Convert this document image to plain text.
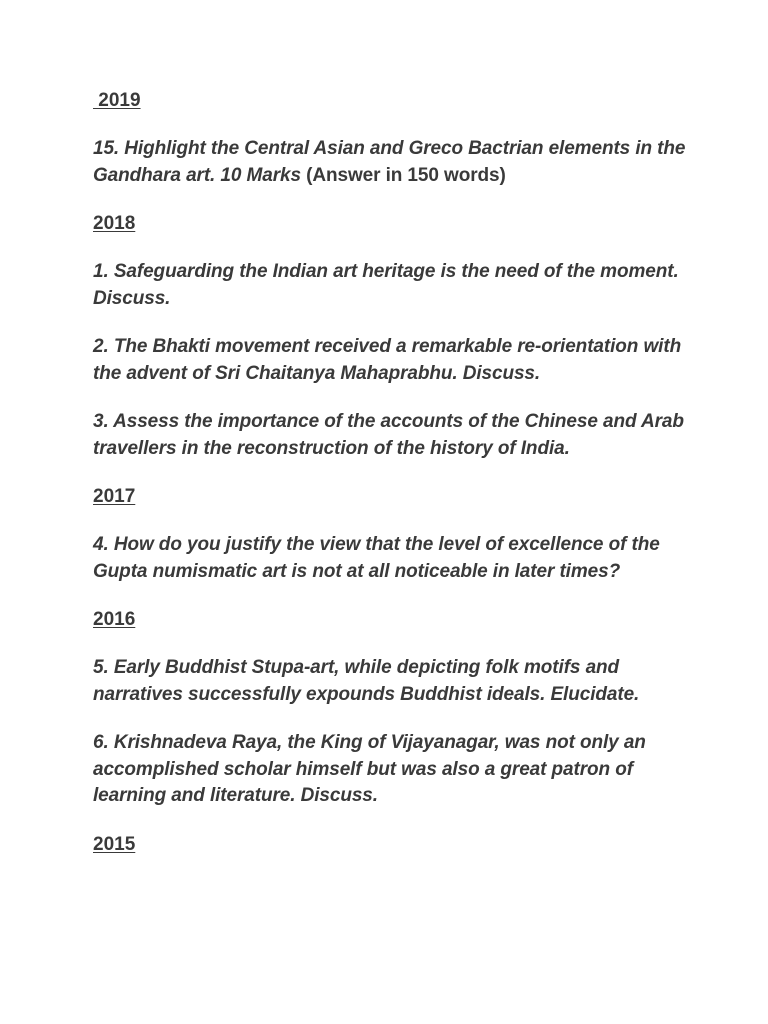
2019

15. Highlight the Central Asian and Greco Bactrian elements in the Gandhara art. 10 Marks (Answer in 150 words)

2018

1. Safeguarding the Indian art heritage is the need of the moment. Discuss.

2. The Bhakti movement received a remarkable re-orientation with the advent of Sri Chaitanya Mahaprabhu. Discuss.

3. Assess the importance of the accounts of the Chinese and Arab travellers in the reconstruction of the history of India.

2017

4. How do you justify the view that the level of excellence of the Gupta numismatic art is not at all noticeable in later times?

2016

5. Early Buddhist Stupa-art, while depicting folk motifs and narratives successfully expounds Buddhist ideals. Elucidate.

6. Krishnadeva Raya, the King of Vijayanagar, was not only an accomplished scholar himself but was also a great patron of learning and literature. Discuss.

2015
